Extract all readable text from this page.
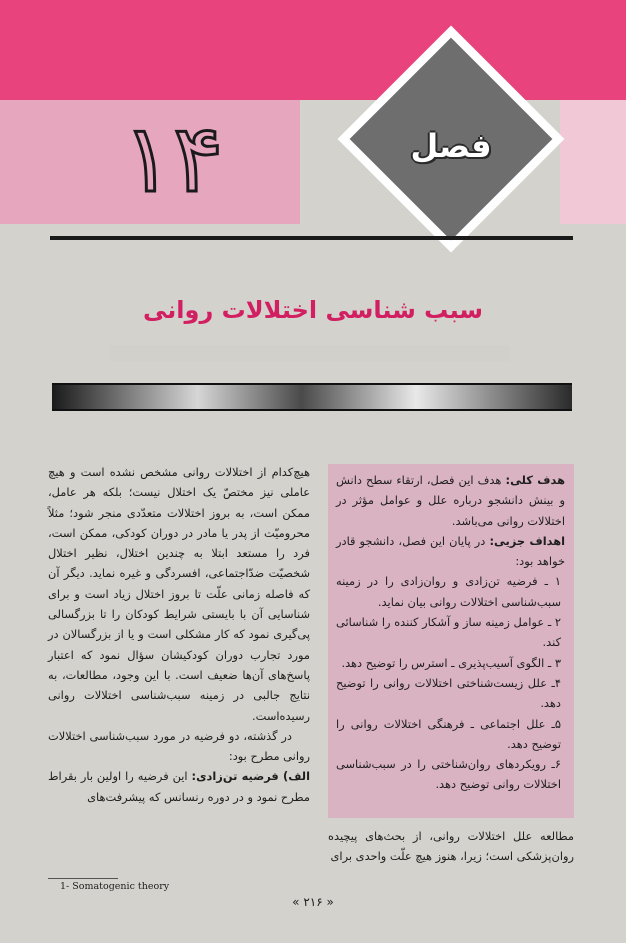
۱۴	فصل
سبب شناسی اختلالات روانی

هدف کلی: هدف این فصل، ارتقاء سطح دانش و بینش دانشجو درباره علل و عوامل مؤثر در اختلالات روانی می‌باشد.

اهداف جزیی: در پایان این فصل، دانشجو قادر خواهد بود:

۱ ـ فرضیه تن‌زادی و روان‌زادی را در زمینه سبب‌شناسی اختلالات روانی بیان نماید.

۲ ـ عوامل زمینه ساز و آشکار کننده را شناسائی کند.

۳ ـ الگوی آسیب‌پذیری ـ استرس را توضیح دهد.

۴ـ علل زیست‌شناختی اختلالات روانی را توضیح دهد.

۵ـ علل اجتماعی ـ فرهنگی اختلالات روانی را توضیح دهد.

۶ـ رویکردهای روان‌شناختی را در سبب‌شناسی اختلالات روانی توضیح دهد.

مطالعه علل اختلالات روانی، از بحث‌های پیچیده روان‌پزشکی است؛ زیرا، هنوز هیچ علّت واحدی برای

هیچ‌کدام از اختلالات روانی مشخص نشده است و هیچ عاملی نیز مختصّ یک اختلال نیست؛ بلکه هر عامل، ممکن است، به بروز اختلالات متعدّدی منجر شود؛ مثلاً محرومیّت از پدر یا مادر در دوران کودکی، ممکن است، فرد را مستعد ابتلا به چندین اختلال، نظیر اختلال شخصیّت ضدّاجتماعی، افسردگی و غیره نماید. دیگر آن که فاصله زمانی علّت تا بروز اختلال زیاد است و برای شناسایی آن با بایستی شرایط کودکان را تا بزرگسالی پی‌گیری نمود که کار مشکلی است و یا از بزرگسالان در مورد تجارب دوران کودکیشان سؤال نمود که اعتبار پاسخ‌های آن‌ها ضعیف است. با این وجود، مطالعات، به نتایج جالبی در زمینه سبب‌شناسی اختلالات روانی رسیده‌است.

در گذشته، دو فرضیه در مورد سبب‌شناسی اختلالات روانی مطرح بود:

الف) فرضیه تن‌زادی: این فرضیه را اولین بار بقراط مطرح نمود و در دوره رنسانس که پیشرفت‌های

1- Somatogenic theory
« ۲۱۶ »
